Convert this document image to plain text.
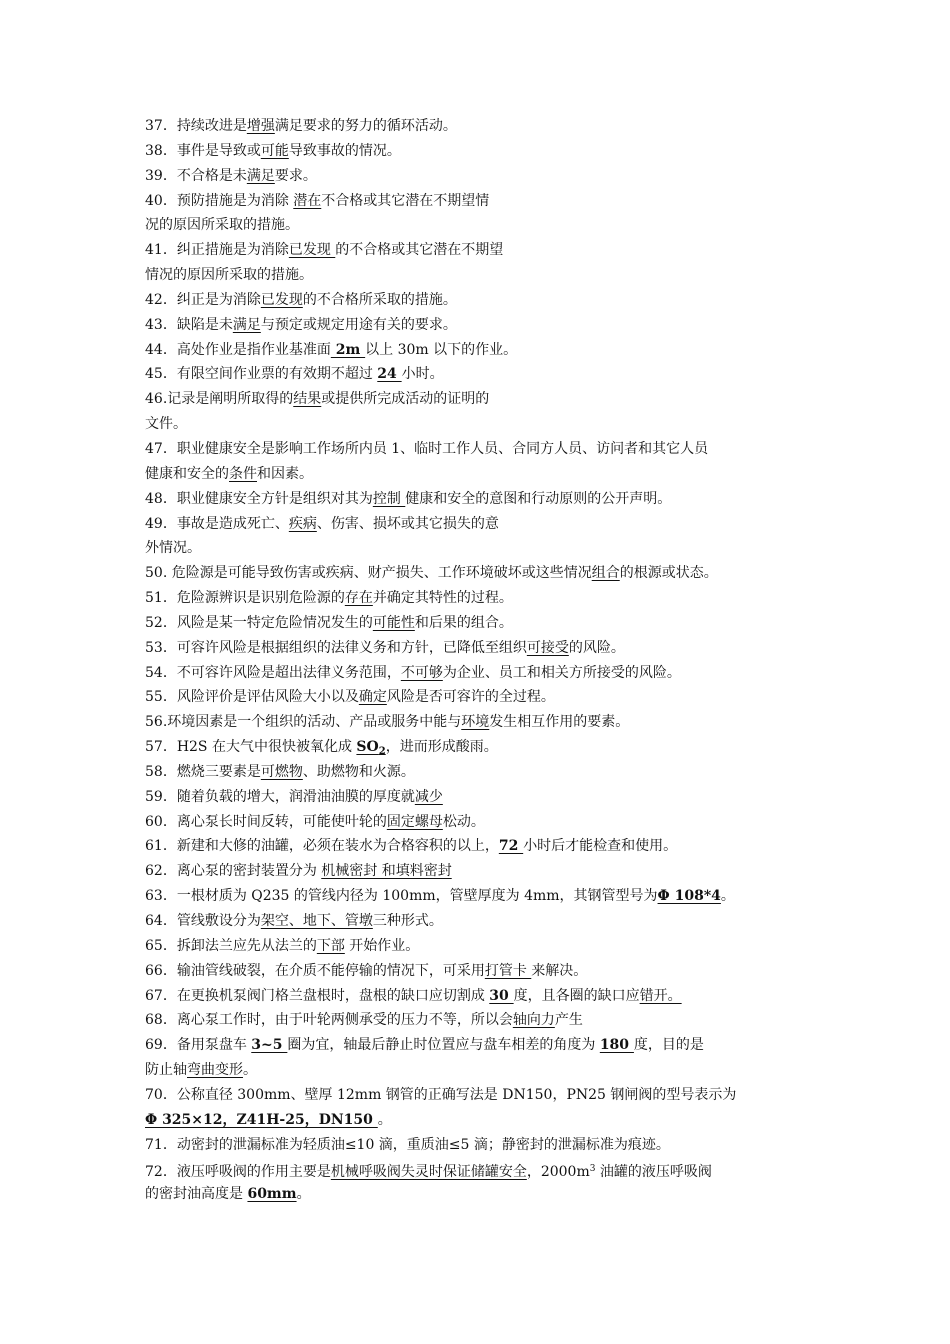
37．持续改进是增强满足要求的努力的循环活动。
38．事件是导致或可能导致事故的情况。
39．不合格是未满足要求。
40．预防措施是为消除 潜在不合格或其它潜在不期望情
况的原因所采取的措施。
41．纠正措施是为消除已发现 的不合格或其它潜在不期望
情况的原因所采取的措施。
42．纠正是为消除已发现的不合格所采取的措施。
43．缺陷是未满足与预定或规定用途有关的要求。
44．高处作业是指作业基准面 2m 以上 30m 以下的作业。
45．有限空间作业票的有效期不超过 24 小时。
46.记录是阐明所取得的结果或提供所完成活动的证明的
文件。
47．职业健康安全是影响工作场所内员 1、临时工作人员、合同方人员、访问者和其它人员
健康和安全的条件和因素。
48．职业健康安全方针是组织对其为控制 健康和安全的意图和行动原则的公开声明。
49．事故是造成死亡、疾病、伤害、损坏或其它损失的意
外情况。
50. 危险源是可能导致伤害或疾病、财产损失、工作环境破坏或这些情况组合的根源或状态。
51．危险源辨识是识别危险源的存在并确定其特性的过程。
52．风险是某一特定危险情况发生的可能性和后果的组合。
53．可容许风险是根据组织的法律义务和方针，已降低至组织可接受的风险。
54．不可容许风险是超出法律义务范围，不可够为企业、员工和相关方所接受的风险。
55．风险评价是评估风险大小以及确定风险是否可容许的全过程。
56.环境因素是一个组织的活动、产品或服务中能与环境发生相互作用的要素。
57．H2S 在大气中很快被氧化成 $SO_2$，进而形成酸雨。
58．燃烧三要素是可燃物、助燃物和火源。
59．随着负载的增大，润滑油油膜的厚度就减少
60．离心泵长时间反转，可能使叶轮的固定螺母松动。
61．新建和大修的油罐，必须在装水为合格容积的以上，72 小时后才能检查和使用。
62．离心泵的密封装置分为 机械密封 和填料密封
63．一根材质为 Q235 的管线内径为 100mm，管壁厚度为 4mm，其钢管型号为Φ 108*4。
64．管线敷设分为架空、地下、管墩三种形式。
65．拆卸法兰应先从法兰的下部 开始作业。
66．输油管线破裂，在介质不能停输的情况下，可采用打管卡 来解决。
67．在更换机泵阀门格兰盘根时，盘根的缺口应切割成 30 度，且各圈的缺口应错开。
68．离心泵工作时，由于叶轮两侧承受的压力不等，所以会轴向力产生
69．备用泵盘车 3~5 圈为宜，轴最后静止时位置应与盘车相差的角度为 180 度，目的是
防止轴弯曲变形。
70．公称直径 300mm、壁厚 12mm 钢管的正确写法是 DN150，PN25 钢闸阀的型号表示为
Φ 325×12，Z41H-25，DN150 。
71．动密封的泄漏标准为轻质油≤10 滴，重质油≤5 滴；静密封的泄漏标准为痕迹。
72．液压呼吸阀的作用主要是机械呼吸阀失灵时保证储罐安全，$2000m^3$ 油罐的液压呼吸阀
的密封油高度是 60mm。
